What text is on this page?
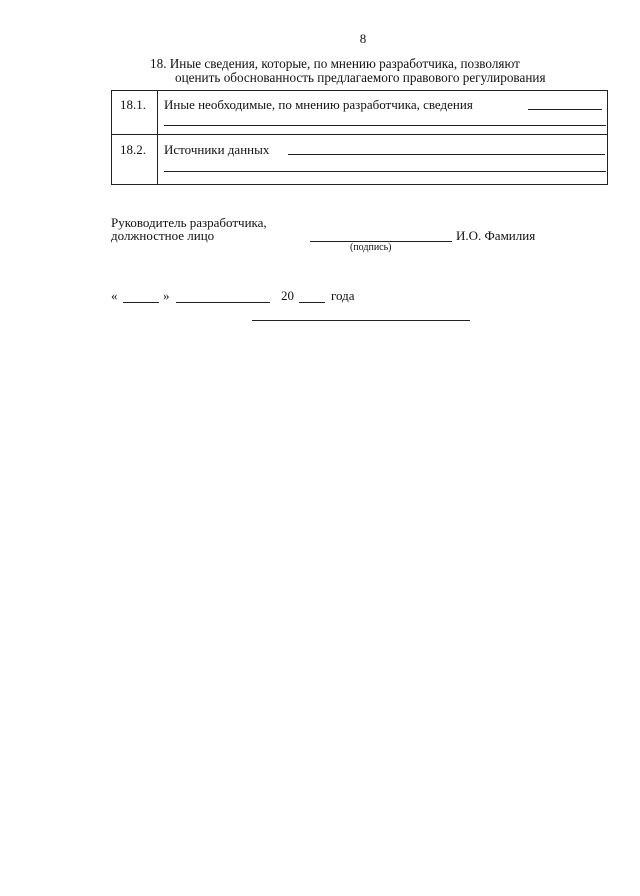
8
18. Иные сведения, которые, по мнению разработчика, позволяют
оценить обоснованность предлагаемого правового регулирования
18.1. Иные необходимые, по мнению разработчика, сведения
18.2. Источники данных
Руководитель разработчика,
должностное лицо	И.О. Фамилия
(подпись)
«	»	20	года
